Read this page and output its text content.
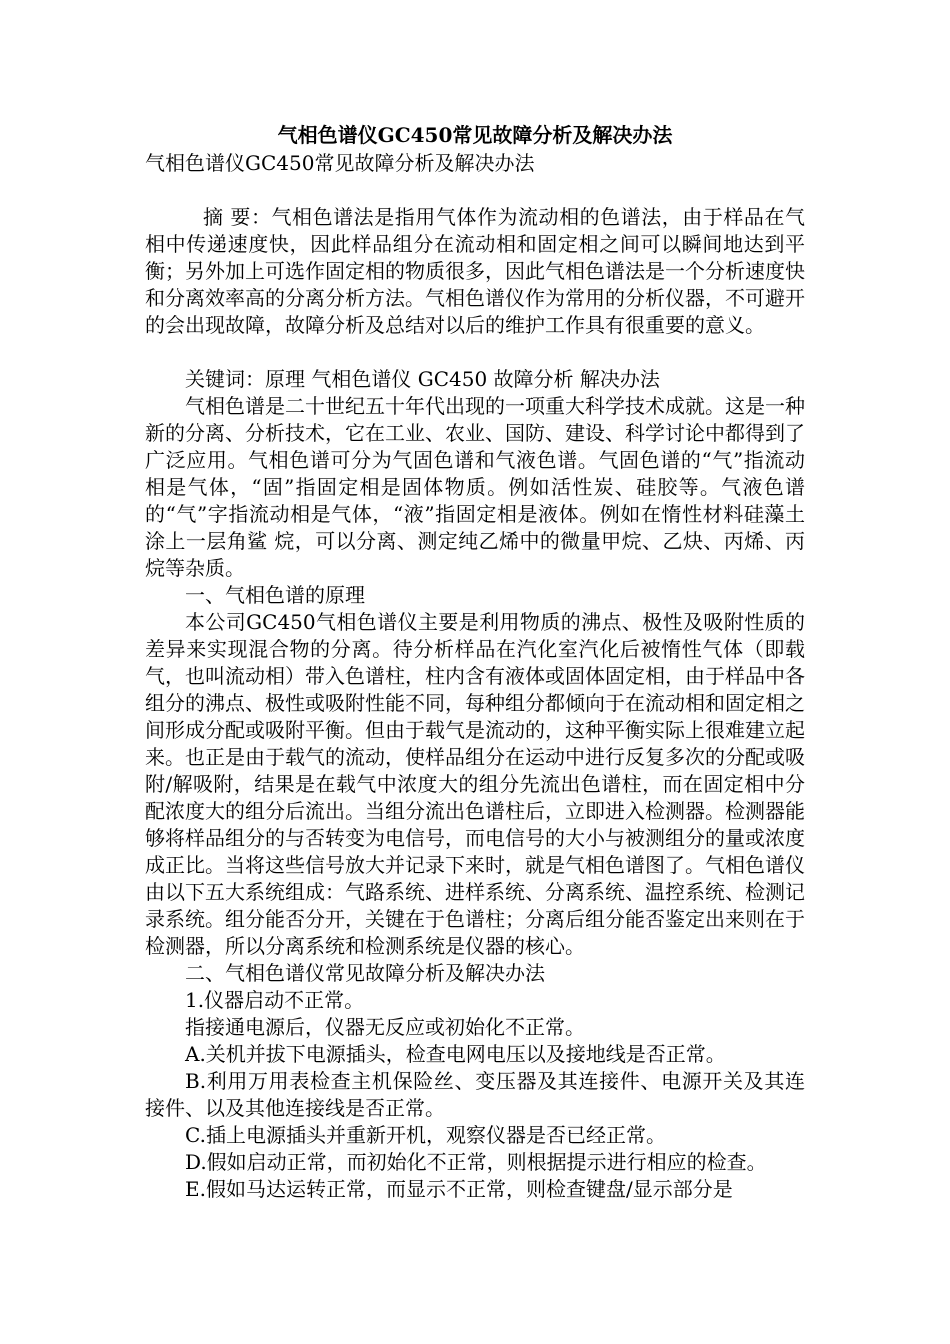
气相色谱仪GC450常见故障分析及解决办法

气相色谱仪GC450常见故障分析及解决办法

摘 要：气相色谱法是指用气体作为流动相的色谱法，由于样品在气相中传递速度快，因此样品组分在流动相和固定相之间可以瞬间地达到平衡；另外加上可选作固定相的物质很多，因此气相色谱法是一个分析速度快和分离效率高的分离分析方法。气相色谱仪作为常用的分析仪器，不可避开的会出现故障，故障分析及总结对以后的维护工作具有很重要的意义。

关键词：原理 气相色谱仪 GC450 故障分析 解决办法

气相色谱是二十世纪五十年代出现的一项重大科学技术成就。这是一种新的分离、分析技术，它在工业、农业、国防、建设、科学讨论中都得到了广泛应用。气相色谱可分为气固色谱和气液色谱。气固色谱的“气”指流动相是气体，“固”指固定相是固体物质。例如活性炭、硅胶等。气液色谱的“气”字指流动相是气体，“液”指固定相是液体。例如在惰性材料硅藻土涂上一层角鲨 烷，可以分离、测定纯乙烯中的微量甲烷、乙炔、丙烯、丙 烷等杂质。

一、气相色谱的原理

本公司GC450气相色谱仪主要是利用物质的沸点、极性及吸附性质的差异来实现混合物的分离。待分析样品在汽化室汽化后被惰性气体（即载气，也叫流动相）带入色谱柱，柱内含有液体或固体固定相，由于样品中各组分的沸点、极性或吸附性能不同，每种组分都倾向于在流动相和固定相之间形成分配或吸附平衡。但由于载气是流动的，这种平衡实际上很难建立起来。也正是由于载气的流动，使样品组分在运动中进行反复多次的分配或吸附/解吸附，结果是在载气中浓度大的组分先流出色谱柱，而在固定相中分配浓度大的组分后流出。当组分流出色谱柱后，立即进入检测器。检测器能够将样品组分的与否转变为电信号，而电信号的大小与被测组分的量或浓度成正比。当将这些信号放大并记录下来时，就是气相色谱图了。气相色谱仪由以下五大系统组成：气路系统、进样系统、分离系统、温控系统、检测记录系统。组分能否分开，关键在于色谱柱；分离后组分能否鉴定出来则在于检测器，所以分离系统和检测系统是仪器的核心。

二、气相色谱仪常见故障分析及解决办法

1.仪器启动不正常。

指接通电源后，仪器无反应或初始化不正常。

A.关机并拔下电源插头，检查电网电压以及接地线是否正常。

B.利用万用表检查主机保险丝、变压器及其连接件、电源开关及其连接件、以及其他连接线是否正常。

C.插上电源插头并重新开机，观察仪器是否已经正常。

D.假如启动正常，而初始化不正常，则根据提示进行相应的检查。

E.假如马达运转正常，而显示不正常，则检查键盘/显示部分是
